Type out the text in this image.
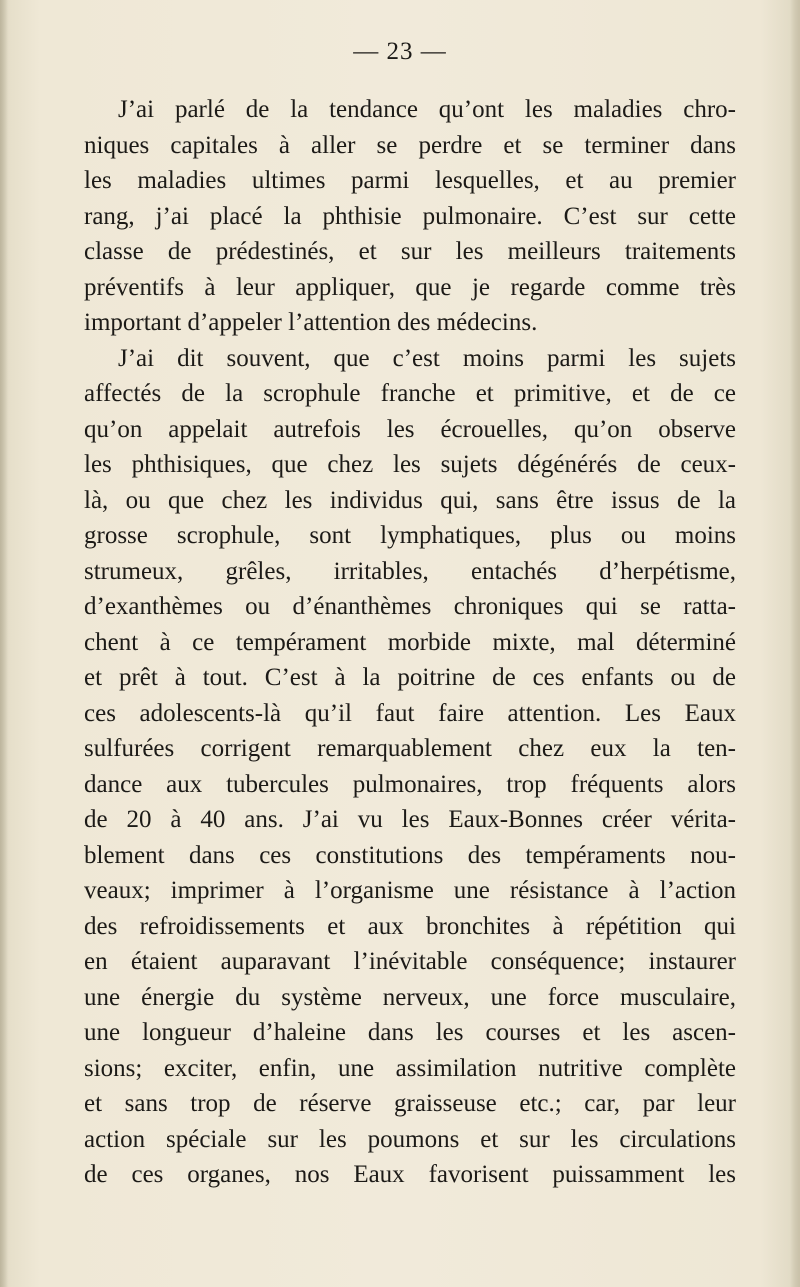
— 23 —
J’ai parlé de la tendance qu’ont les maladies chro-
niques capitales à aller se perdre et se terminer dans
les maladies ultimes parmi lesquelles, et au premier
rang, j’ai placé la phthisie pulmonaire. C’est sur cette
classe de prédestinés, et sur les meilleurs traitements
préventifs à leur appliquer, que je regarde comme très
important d’appeler l’attention des médecins.
J’ai dit souvent, que c’est moins parmi les sujets
affectés de la scrophule franche et primitive, et de ce
qu’on appelait autrefois les écrouelles, qu’on observe
les phthisiques, que chez les sujets dégénérés de ceux-
là, ou que chez les individus qui, sans être issus de la
grosse scrophule, sont lymphatiques, plus ou moins
strumeux, grêles, irritables, entachés d’herpétisme,
d’exanthèmes ou d’énanthèmes chroniques qui se ratta-
chent à ce tempérament morbide mixte, mal déterminé
et prêt à tout. C’est à la poitrine de ces enfants ou de
ces adolescents-là qu’il faut faire attention. Les Eaux
sulfurées corrigent remarquablement chez eux la ten-
dance aux tubercules pulmonaires, trop fréquents alors
de 20 à 40 ans. J’ai vu les Eaux-Bonnes créer vérita-
blement dans ces constitutions des tempéraments nou-
veaux; imprimer à l’organisme une résistance à l’action
des refroidissements et aux bronchites à répétition qui
en étaient auparavant l’inévitable conséquence; instaurer
une énergie du système nerveux, une force musculaire,
une longueur d’haleine dans les courses et les ascen-
sions; exciter, enfin, une assimilation nutritive complète
et sans trop de réserve graisseuse etc.; car, par leur
action spéciale sur les poumons et sur les circulations
de ces organes, nos Eaux favorisent puissamment les
